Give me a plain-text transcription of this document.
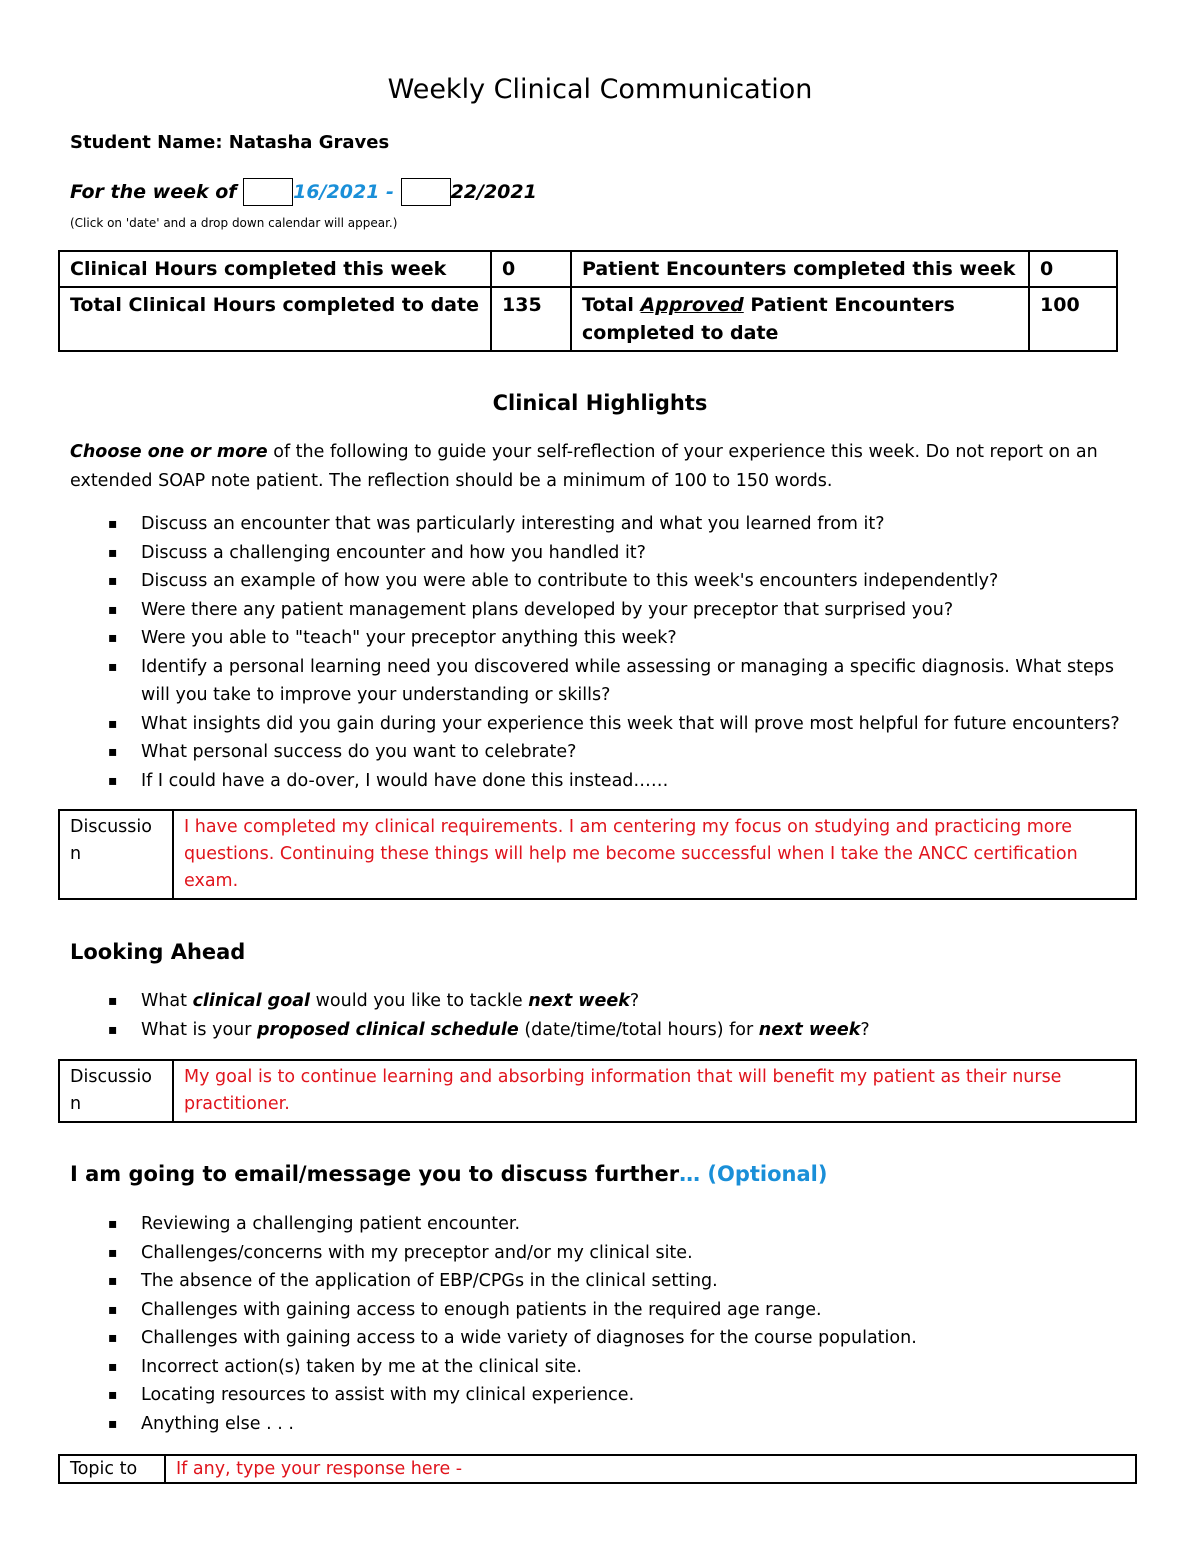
Weekly Clinical Communication
Student Name: Natasha Graves
For the week of	16/2021 -	22/2021
(Click on 'date' and a drop down calendar will appear.)
Clinical Hours completed this week	0	Patient Encounters completed this week	0
Total Clinical Hours completed to date	135	Total Approved Patient Encounters completed to date	100
Clinical Highlights
Choose one or more of the following to guide your self-reflection of your experience this week. Do not report on an extended SOAP note patient. The reflection should be a minimum of 100 to 150 words.
▪ Discuss an encounter that was particularly interesting and what you learned from it?
▪ Discuss a challenging encounter and how you handled it?
▪ Discuss an example of how you were able to contribute to this week's encounters independently?
▪ Were there any patient management plans developed by your preceptor that surprised you?
▪ Were you able to "teach" your preceptor anything this week?
▪ Identify a personal learning need you discovered while assessing or managing a specific diagnosis. What steps will you take to improve your understanding or skills?
▪ What insights did you gain during your experience this week that will prove most helpful for future encounters?
▪ What personal success do you want to celebrate?
▪ If I could have a do-over, I would have done this instead……
Discussion	I have completed my clinical requirements. I am centering my focus on studying and practicing more questions. Continuing these things will help me become successful when I take the ANCC certification exam.
Looking Ahead
▪ What clinical goal would you like to tackle next week?
▪ What is your proposed clinical schedule (date/time/total hours) for next week?
Discussion	My goal is to continue learning and absorbing information that will benefit my patient as their nurse practitioner.
I am going to email/message you to discuss further… (Optional)
▪ Reviewing a challenging patient encounter.
▪ Challenges/concerns with my preceptor and/or my clinical site.
▪ The absence of the application of EBP/CPGs in the clinical setting.
▪ Challenges with gaining access to enough patients in the required age range.
▪ Challenges with gaining access to a wide variety of diagnoses for the course population.
▪ Incorrect action(s) taken by me at the clinical site.
▪ Locating resources to assist with my clinical experience.
▪ Anything else . . .
Topic to	If any, type your response here -
